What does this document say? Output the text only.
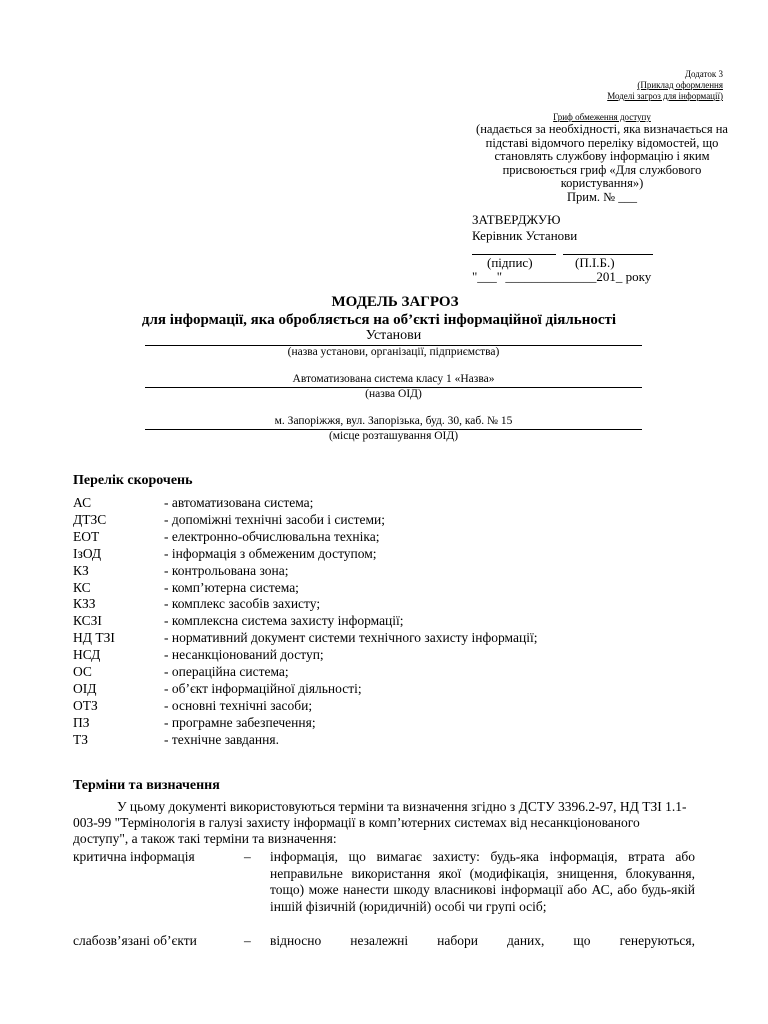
Додаток 3
(Приклад оформлення
Моделі загроз для інформації)
Гриф обмеження доступу
(надається за необхідності, яка визначається на підставі відомчого переліку відомостей, що становлять службову інформацію і яким присвоюється гриф «Для службового користування»)
Прим. № ___
ЗАТВЕРДЖУЮ
Керівник Установи
(підпис)	(П.І.Б.)
"___" ______________201_ року
МОДЕЛЬ ЗАГРОЗ
для інформації, яка обробляється на об’єкті інформаційної діяльності
Установи
(назва установи, організації, підприємства)
Автоматизована система класу 1 «Назва»
(назва ОІД)
м. Запоріжжя, вул. Запорізька, буд. 30, каб. № 15
(місце розташування ОІД)
Перелік скорочень
АС	- автоматизована система;
ДТЗС	- допоміжні технічні засоби і системи;
ЕОТ	- електронно-обчислювальна техніка;
ІзОД	- інформація з обмеженим доступом;
КЗ	- контрольована зона;
КС	- комп’ютерна система;
КЗЗ	- комплекс засобів захисту;
КСЗІ	- комплексна система захисту інформації;
НД ТЗІ	- нормативний документ системи технічного захисту інформації;
НСД	- несанкціонований доступ;
ОС	- операційна система;
ОІД	- об’єкт інформаційної діяльності;
ОТЗ	- основні технічні засоби;
ПЗ	- програмне забезпечення;
ТЗ	- технічне завдання.
Терміни та визначення
У цьому документі використовуються терміни та визначення згідно з ДСТУ 3396.2-97, НД ТЗІ 1.1-003-99 "Термінологія в галузі захисту інформації в комп’ютерних системах від несанкціонованого доступу", а також такі терміни та визначення:
критична інформація	– інформація, що вимагає захисту: будь-яка інформація, втрата або неправильне використання якої (модифікація, знищення, блокування, тощо) може нанести шкоду власникові інформації або АС, або будь-якій іншій фізичній (юридичній) особі чи групі осіб;
слабозв’язані об’єкти	– відносно незалежні набори даних, що генеруються,
